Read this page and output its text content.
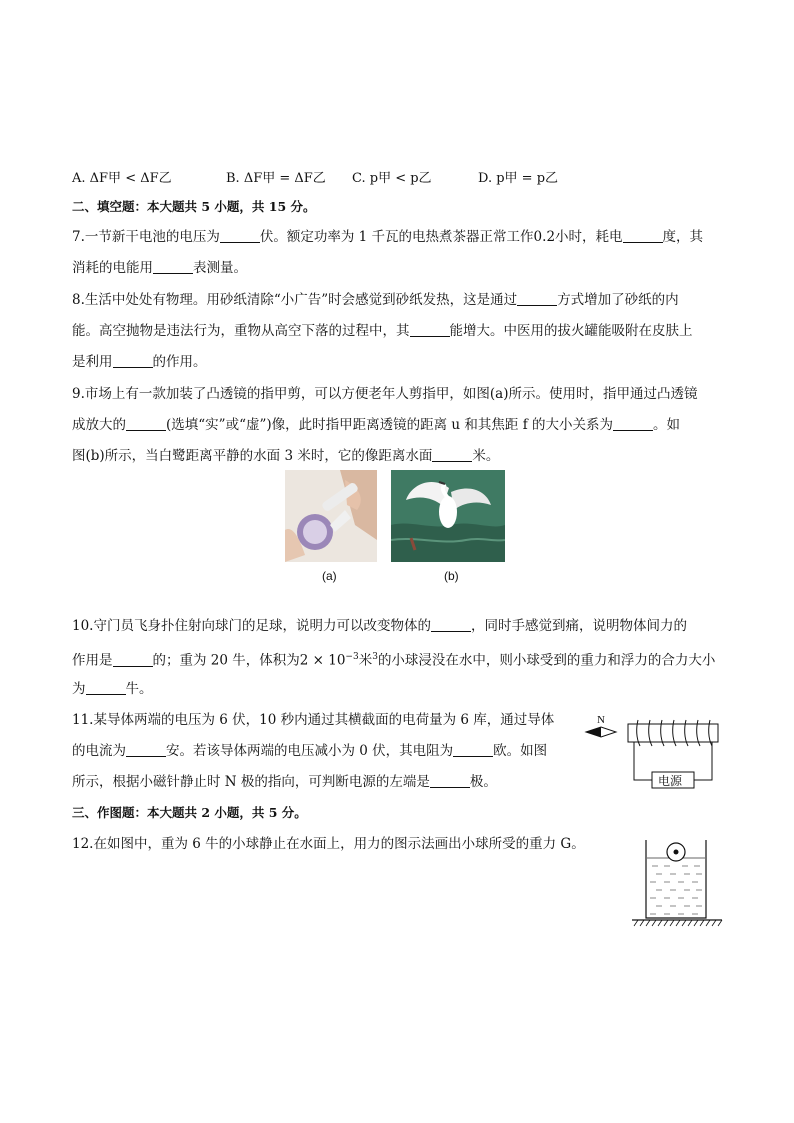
A. ΔF甲 < ΔF乙	B. ΔF甲 = ΔF乙 C. p甲 < p乙	D. p甲 = p乙
二、填空题：本大题共 5 小题，共 15 分。
7.一节新干电池的电压为	伏。额定功率为 1 千瓦的电热煮茶器正常工作0.2小时，耗电	度，其
消耗的电能用	表测量。
8.生活中处处有物理。用砂纸清除“小广告”时会感觉到砂纸发热，这是通过	方式增加了砂纸的内
能。高空抛物是违法行为，重物从高空下落的过程中，其	能增大。中医用的拔火罐能吸附在皮肤上
是利用	的作用。
9.市场上有一款加装了凸透镜的指甲剪，可以方便老年人剪指甲，如图(a)所示。使用时，指甲通过凸透镜
成放大的	(选填“实”或“虚”)像，此时指甲距离透镜的距离 u 和其焦距 f 的大小关系为	。如
图(b)所示，当白鹭距离平静的水面 3 米时，它的像距离水面	米。
(a)	(b)
10.守门员飞身扑住射向球门的足球，说明力可以改变物体的	，同时手感觉到痛，说明物体间力的
作用是	的；重为 20 牛，体积为$2 \times 10^{-3}$米$^3$的小球浸没在水中，则小球受到的重力和浮力的合力大小
为	牛。
11.某导体两端的电压为 6 伏，10 秒内通过其横截面的电荷量为 6 库，通过导体
的电流为	安。若该导体两端的电压减小为 0 伏，其电阻为	欧。如图
所示，根据小磁针静止时 N 极的指向，可判断电源的左端是	极。
N
电源
三、作图题：本大题共 2 小题，共 5 分。
12.在如图中，重为 6 牛的小球静止在水面上，用力的图示法画出小球所受的重力 G。
